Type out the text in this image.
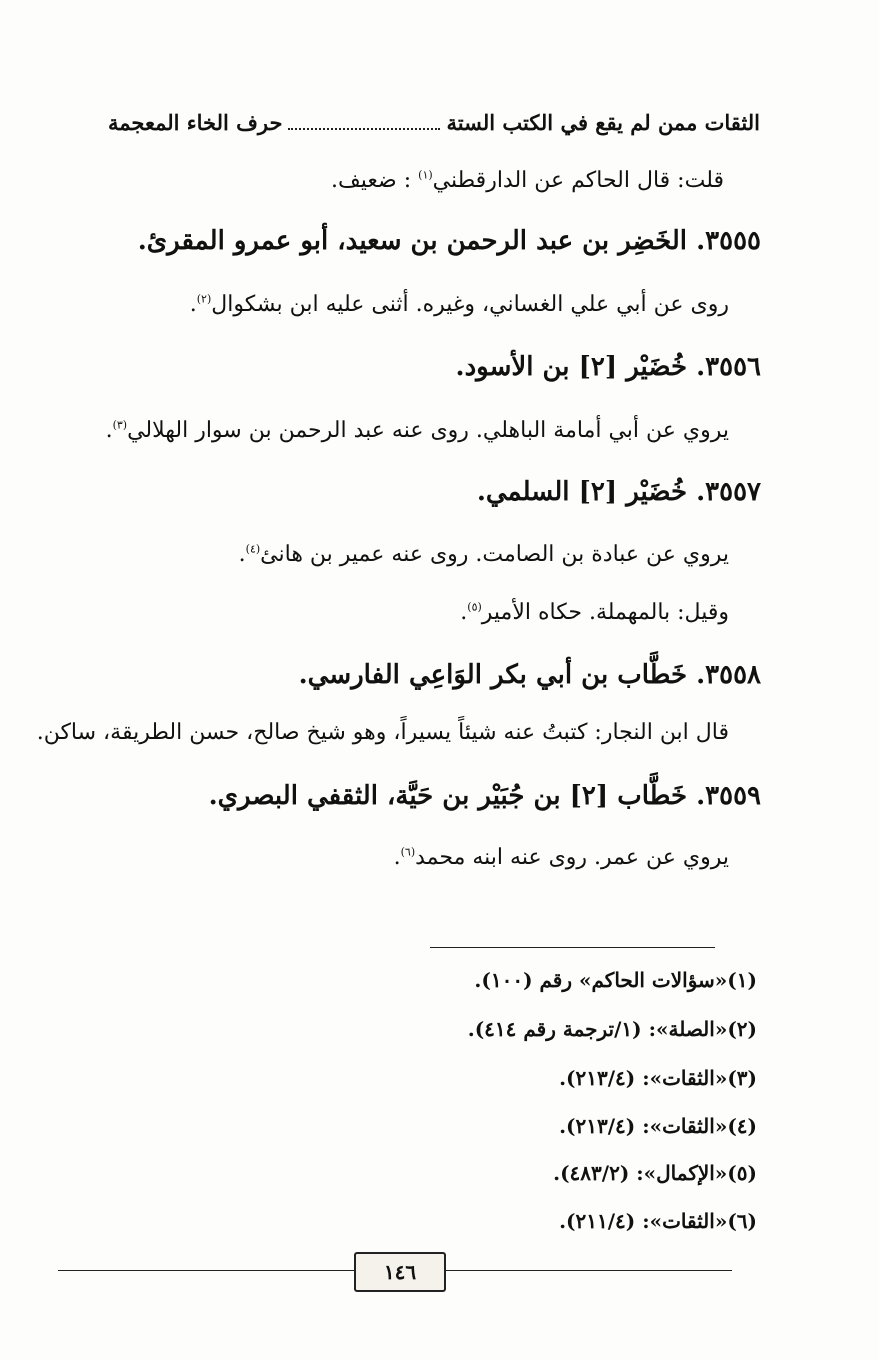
حرف الخاء المعجمة	الثقات ممن لم يقع في الكتب الستة
قلت: قال الحاكم عن الدارقطني$^{(١)}$ : ضعيف.
٣٥٥٥. الخَضِر بن عبد الرحمن بن سعيد، أبو عمرو المقرئ.
روى عن أبي علي الغساني، وغيره. أثنى عليه ابن بشكوال$^{(٢)}$.
٣٥٥٦. خُضَيْر [٢] بن الأسود.
يروي عن أبي أمامة الباهلي. روى عنه عبد الرحمن بن سوار الهلالي$^{(٣)}$.
٣٥٥٧. خُضَيْر [٢] السلمي.
يروي عن عبادة بن الصامت. روى عنه عمير بن هانئ$^{(٤)}$.
وقيل: بالمهملة. حكاه الأمير$^{(٥)}$.
٣٥٥٨. خَطَّاب بن أبي بكر الوَاعِي الفارسي.
قال ابن النجار: كتبتُ عنه شيئاً يسيراً، وهو شيخ صالح، حسن الطريقة، ساكن.
٣٥٥٩. خَطَّاب [٢] بن جُبَيْر بن حَيَّة، الثقفي البصري.
يروي عن عمر. روى عنه ابنه محمد$^{(٦)}$.
(١)«سؤالات الحاكم» رقم (١٠٠).
(٢)«الصلة»: (١/ترجمة رقم ٤١٤).
(٣)«الثقات»: (٢١٣/٤).
(٤)«الثقات»: (٢١٣/٤).
(٥)«الإكمال»: (٤٨٣/٢).
(٦)«الثقات»: (٢١١/٤).
١٤٦
